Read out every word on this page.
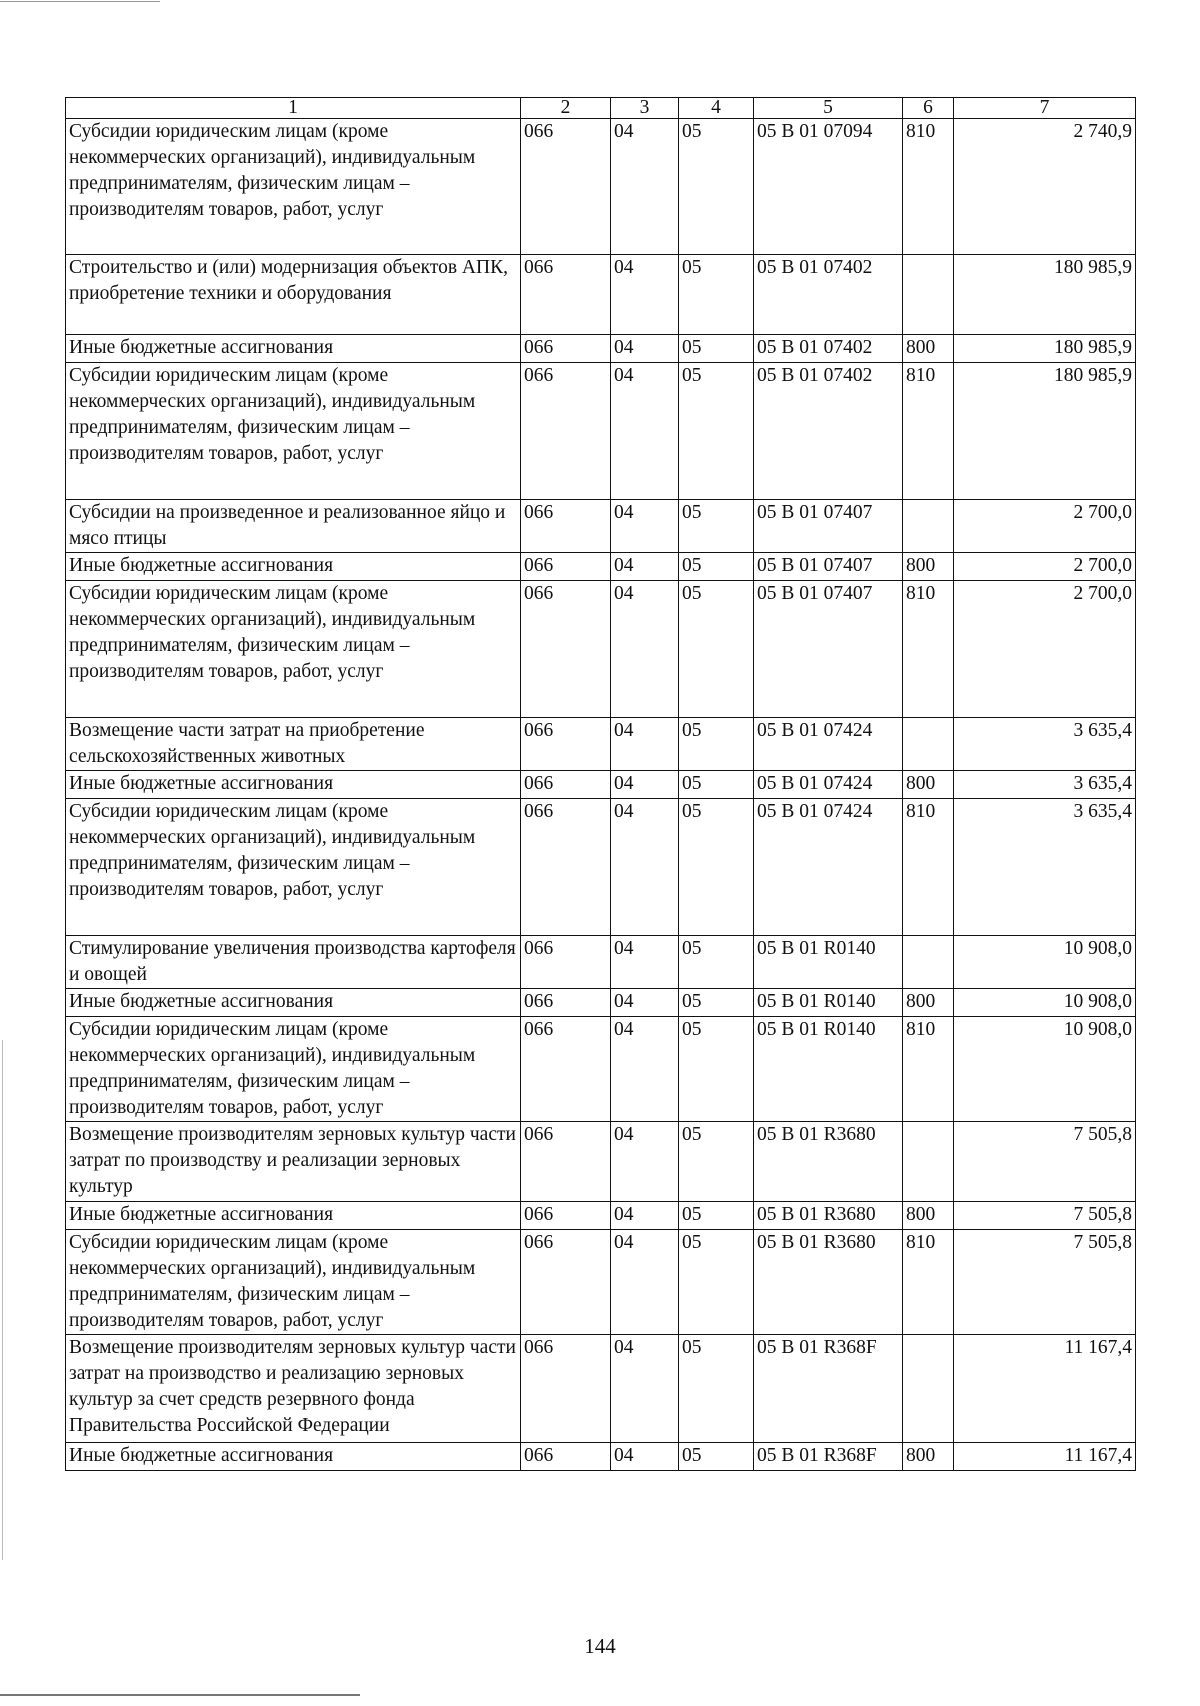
1	2	3	4	5	6	7
Субсидии юридическим лицам (кроме некоммерческих организаций), индивидуальным предпринимателям, физическим лицам – производителям товаров, работ, услуг	066	04	05	05 В 01 07094	810	2 740,9
Строительство и (или) модернизация объектов АПК, приобретение техники и оборудования	066	04	05	05 В 01 07402		180 985,9
Иные бюджетные ассигнования	066	04	05	05 В 01 07402	800	180 985,9
Субсидии юридическим лицам (кроме некоммерческих организаций), индивидуальным предпринимателям, физическим лицам – производителям товаров, работ, услуг	066	04	05	05 В 01 07402	810	180 985,9
Субсидии на произведенное и реализованное яйцо и мясо птицы	066	04	05	05 В 01 07407		2 700,0
Иные бюджетные ассигнования	066	04	05	05 В 01 07407	800	2 700,0
Субсидии юридическим лицам (кроме некоммерческих организаций), индивидуальным предпринимателям, физическим лицам – производителям товаров, работ, услуг	066	04	05	05 В 01 07407	810	2 700,0
Возмещение части затрат на приобретение сельскохозяйственных животных	066	04	05	05 В 01 07424		3 635,4
Иные бюджетные ассигнования	066	04	05	05 В 01 07424	800	3 635,4
Субсидии юридическим лицам (кроме некоммерческих организаций), индивидуальным предпринимателям, физическим лицам – производителям товаров, работ, услуг	066	04	05	05 В 01 07424	810	3 635,4
Стимулирование увеличения производства картофеля и овощей	066	04	05	05 В 01 R0140		10 908,0
Иные бюджетные ассигнования	066	04	05	05 В 01 R0140	800	10 908,0
Субсидии юридическим лицам (кроме некоммерческих организаций), индивидуальным предпринимателям, физическим лицам – производителям товаров, работ, услуг	066	04	05	05 В 01 R0140	810	10 908,0
Возмещение производителям зерновых культур части затрат по производству и реализации зерновых культур	066	04	05	05 В 01 R3680		7 505,8
Иные бюджетные ассигнования	066	04	05	05 В 01 R3680	800	7 505,8
Субсидии юридическим лицам (кроме некоммерческих организаций), индивидуальным предпринимателям, физическим лицам – производителям товаров, работ, услуг	066	04	05	05 В 01 R3680	810	7 505,8
Возмещение производителям зерновых культур части затрат на производство и реализацию зерновых культур за счет средств резервного фонда Правительства Российской Федерации	066	04	05	05 В 01 R368F		11 167,4
Иные бюджетные ассигнования	066	04	05	05 В 01 R368F	800	11 167,4
144
